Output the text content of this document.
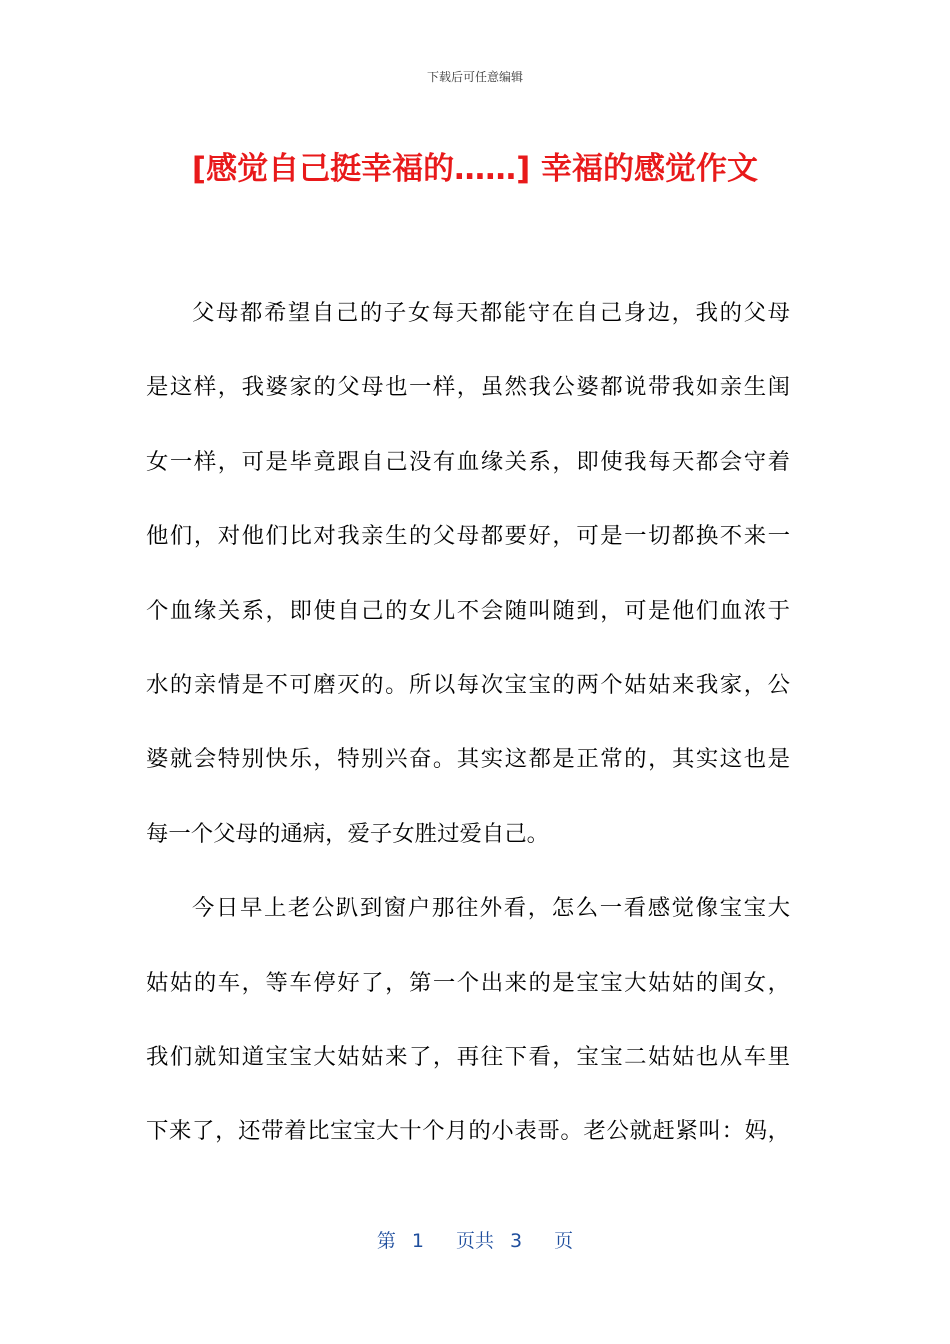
下载后可任意编辑
[感觉自己挺幸福的……] 幸福的感觉作文
父母都希望自己的子女每天都能守在自己身边，我的父母
是这样，我婆家的父母也一样，虽然我公婆都说带我如亲生闺
女一样，可是毕竟跟自己没有血缘关系，即使我每天都会守着
他们，对他们比对我亲生的父母都要好，可是一切都换不来一
个血缘关系，即使自己的女儿不会随叫随到，可是他们血浓于
水的亲情是不可磨灭的。所以每次宝宝的两个姑姑来我家，公
婆就会特别快乐，特别兴奋。其实这都是正常的，其实这也是
每一个父母的通病，爱子女胜过爱自己。
今日早上老公趴到窗户那往外看，怎么一看感觉像宝宝大
姑姑的车，等车停好了，第一个出来的是宝宝大姑姑的闺女，
我们就知道宝宝大姑姑来了，再往下看，宝宝二姑姑也从车里
下来了，还带着比宝宝大十个月的小表哥。老公就赶紧叫：妈，
第 1 页共 3 页
